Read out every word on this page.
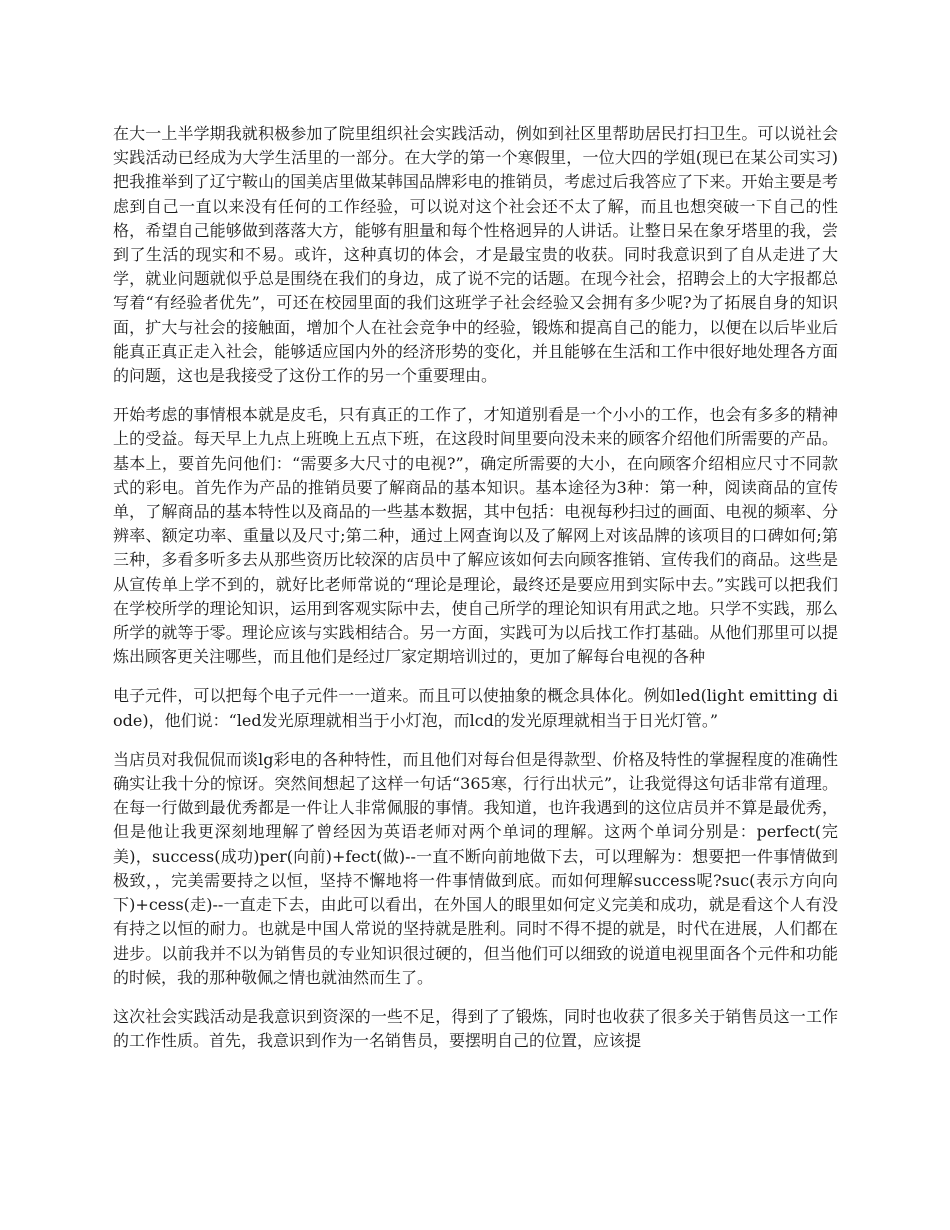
在大一上半学期我就积极参加了院里组织社会实践活动，例如到社区里帮助居民打扫卫生。可以说社会实践活动已经成为大学生活里的一部分。在大学的第一个寒假里，一位大四的学姐(现已在某公司实习)把我推举到了辽宁鞍山的国美店里做某韩国品牌彩电的推销员，考虑过后我答应了下来。开始主要是考虑到自己一直以来没有任何的工作经验，可以说对这个社会还不太了解，而且也想突破一下自己的性格，希望自己能够做到落落大方，能够有胆量和每个性格迥异的人讲话。让整日呆在象牙塔里的我，尝到了生活的现实和不易。或许，这种真切的体会，才是最宝贵的收获。同时我意识到了自从走进了大学，就业问题就似乎总是围绕在我们的身边，成了说不完的话题。在现今社会，招聘会上的大字报都总写着“有经验者优先”，可还在校园里面的我们这班学子社会经验又会拥有多少呢?为了拓展自身的知识面，扩大与社会的接触面，增加个人在社会竞争中的经验，锻炼和提高自己的能力，以便在以后毕业后能真正真正走入社会，能够适应国内外的经济形势的变化，并且能够在生活和工作中很好地处理各方面的问题，这也是我接受了这份工作的另一个重要理由。

开始考虑的事情根本就是皮毛，只有真正的工作了，才知道别看是一个小小的工作，也会有多多的精神上的受益。每天早上九点上班晚上五点下班，在这段时间里要向没未来的顾客介绍他们所需要的产品。基本上，要首先问他们：“需要多大尺寸的电视?”，确定所需要的大小，在向顾客介绍相应尺寸不同款式的彩电。首先作为产品的推销员要了解商品的基本知识。基本途径为3种：第一种，阅读商品的宣传单，了解商品的基本特性以及商品的一些基本数据，其中包括：电视每秒扫过的画面、电视的频率、分辨率、额定功率、重量以及尺寸;第二种，通过上网查询以及了解网上对该品牌的该项目的口碑如何;第三种，多看多听多去从那些资历比较深的店员中了解应该如何去向顾客推销、宣传我们的商品。这些是从宣传单上学不到的，就好比老师常说的“理论是理论，最终还是要应用到实际中去。”实践可以把我们在学校所学的理论知识，运用到客观实际中去，使自己所学的理论知识有用武之地。只学不实践，那么所学的就等于零。理论应该与实践相结合。另一方面，实践可为以后找工作打基础。从他们那里可以提炼出顾客更关注哪些，而且他们是经过厂家定期培训过的，更加了解每台电视的各种

电子元件，可以把每个电子元件一一道来。而且可以使抽象的概念具体化。例如led(light emitting diode)，他们说：“led发光原理就相当于小灯泡，而lcd的发光原理就相当于日光灯管。”

当店员对我侃侃而谈lg彩电的各种特性，而且他们对每台但是得款型、价格及特性的掌握程度的准确性确实让我十分的惊讶。突然间想起了这样一句话“365寒，行行出状元”，让我觉得这句话非常有道理。在每一行做到最优秀都是一件让人非常佩服的事情。我知道，也许我遇到的这位店员并不算是最优秀，但是他让我更深刻地理解了曾经因为英语老师对两个单词的理解。这两个单词分别是：perfect(完美)，success(成功)per(向前)+fect(做)--一直不断向前地做下去，可以理解为：想要把一件事情做到极致，，完美需要持之以恒，坚持不懈地将一件事情做到底。而如何理解success呢?suc(表示方向向下)+cess(走)--一直走下去，由此可以看出，在外国人的眼里如何定义完美和成功，就是看这个人有没有持之以恒的耐力。也就是中国人常说的坚持就是胜利。同时不得不提的就是，时代在进展，人们都在进步。以前我并不以为销售员的专业知识很过硬的，但当他们可以细致的说道电视里面各个元件和功能的时候，我的那种敬佩之情也就油然而生了。

这次社会实践活动是我意识到资深的一些不足，得到了了锻炼，同时也收获了很多关于销售员这一工作的工作性质。首先，我意识到作为一名销售员，要摆明自己的位置，应该提
